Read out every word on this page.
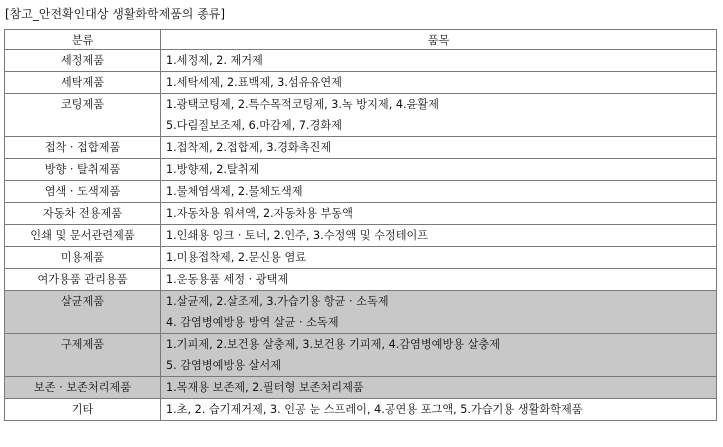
[참고_안전확인대상 생활화학제품의 종류]
분류	품목
세정제품	1.세정제, 2. 제거제

세탁제품	1.세탁세제, 2.표백제, 3.섬유유연제

코팅제품	1.광택코팅제, 2.특수목적코팅제, 3.녹 방지제, 4.윤활제
5.다림질보조제, 6.마감제, 7.경화제

접착 · 접합제품	1.접착제, 2.접합제, 3.경화촉진제

방향 · 탈취제품	1.방향제, 2.탈취제

염색 · 도색제품	1.물체염색제, 2.물체도색제

자동차 전용제품	1.자동차용 워셔액, 2.자동차용 부동액

인쇄 및 문서관련제품	1.인쇄용 잉크 · 토너, 2.인주, 3.수정액 및 수정테이프

미용제품	1.미용접착제, 2.문신용 염료

여가용품 관리용품	1.운동용품 세정 · 광택제

살균제품	1.살균제, 2.살조제, 3.가습기용 항균 · 소독제
4. 감염병예방용 방역 살균 · 소독제

구제제품	1.기피제, 2.보건용 살충제, 3.보건용 기피제, 4.감염병예방용 살충제
5. 감염병예방용 살서제

보존 · 보존처리제품	1.목재용 보존제, 2.필터형 보존처리제품

기타	1.초, 2. 습기제거제, 3. 인공 눈 스프레이, 4.공연용 포그액, 5.가습기용 생활화학제품
